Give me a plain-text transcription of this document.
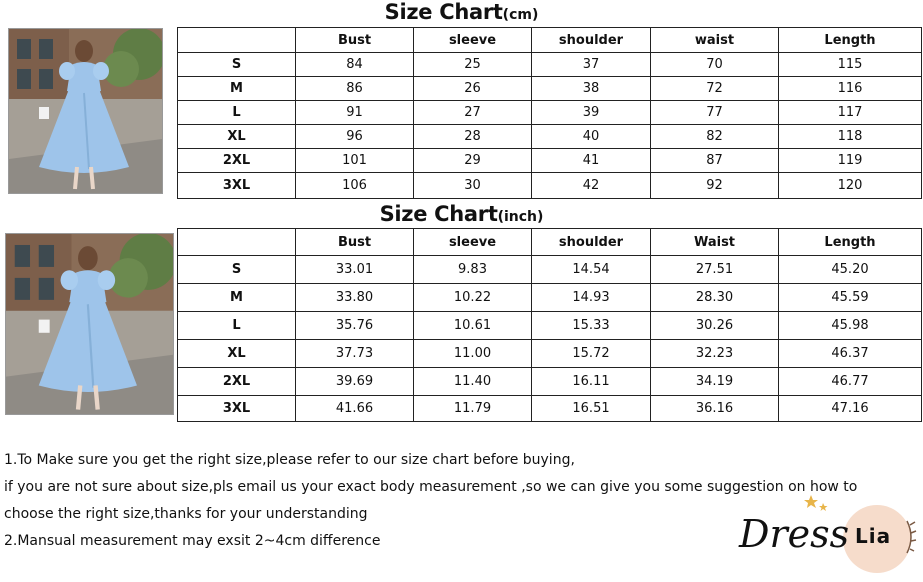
Size Chart(cm)
	Bust	sleeve	shoulder	waist	Length
S	84	25	37	70	115
M	86	26	38	72	116
L	91	27	39	77	117
XL	96	28	40	82	118
2XL	101	29	41	87	119
3XL	106	30	42	92	120
Size Chart(inch)
	Bust	sleeve	shoulder	Waist	Length
S	33.01	9.83	14.54	27.51	45.20
M	33.80	10.22	14.93	28.30	45.59
L	35.76	10.61	15.33	30.26	45.98
XL	37.73	11.00	15.72	32.23	46.37
2XL	39.69	11.40	16.11	34.19	46.77
3XL	41.66	11.79	16.51	36.16	47.16

1.To Make sure you get the right size,please refer to our size chart before buying,

if you are not sure about size,pls email us your exact body measurement ,so we can give you some suggestion on how to

choose the right size,thanks for your understanding

2.Mansual measurement may exsit 2~4cm difference	Dress Lia
